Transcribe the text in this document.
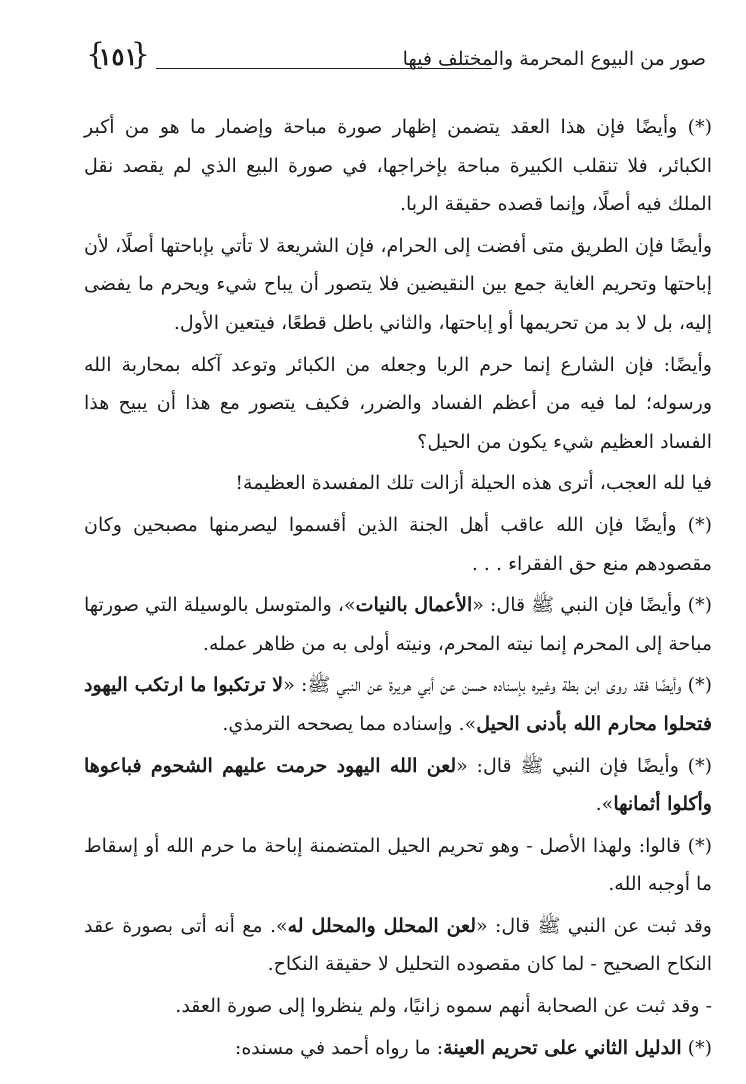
صور من البيوع المحرمة والمختلف فيها
{ ١٥١ }

(*) وأيضًا فإن هذا العقد يتضمن إظهار صورة مباحة وإضمار ما هو من أكبر الكبائر، فلا تنقلب الكبيرة مباحة بإخراجها، في صورة البيع الذي لم يقصد نقل الملك فيه أصلًا، وإنما قصده حقيقة الربا.

وأيضًا فإن الطريق متى أفضت إلى الحرام، فإن الشريعة لا تأتي بإباحتها أصلًا، لأن إباحتها وتحريم الغاية جمع بين النقيضين فلا يتصور أن يباح شيء ويحرم ما يفضى إليه، بل لا بد من تحريمها أو إباحتها، والثاني باطل قطعًا، فيتعين الأول.

وأيضًا: فإن الشارع إنما حرم الربا وجعله من الكبائر وتوعد آكله بمحاربة الله ورسوله؛ لما فيه من أعظم الفساد والضرر، فكيف يتصور مع هذا أن يبيح هذا الفساد العظيم شيء يكون من الحيل؟

فيا لله العجب، أترى هذه الحيلة أزالت تلك المفسدة العظيمة!

(*) وأيضًا فإن الله عاقب أهل الجنة الذين أقسموا ليصرمنها مصبحين وكان مقصودهم منع حق الفقراء . . .

(*) وأيضًا فإن النبي ﷺ قال: «الأعمال بالنيات»، والمتوسل بالوسيلة التي صورتها مباحة إلى المحرم إنما نيته المحرم، ونيته أولى به من ظاهر عمله.

(*) وأيضًا فقد روى ابن بطة وغيره بإسناده حسن عن أبي هريرة عن النبي ﷺ: «لا ترتكبوا ما ارتكب اليهود فتحلوا محارم الله بأدنى الحيل». وإسناده مما يصححه الترمذي.

(*) وأيضًا فإن النبي ﷺ قال: «لعن الله اليهود حرمت عليهم الشحوم فباعوها وأكلوا أثمانها».

(*) قالوا: ولهذا الأصل - وهو تحريم الحيل المتضمنة إباحة ما حرم الله أو إسقاط ما أوجبه الله.

وقد ثبت عن النبي ﷺ قال: «لعن المحلل والمحلل له». مع أنه أتى بصورة عقد النكاح الصحيح - لما كان مقصوده التحليل لا حقيقة النكاح.

- وقد ثبت عن الصحابة أنهم سموه زانيًا، ولم ينظروا إلى صورة العقد.

(*) الدليل الثاني على تحريم العينة: ما رواه أحمد في مسنده:
